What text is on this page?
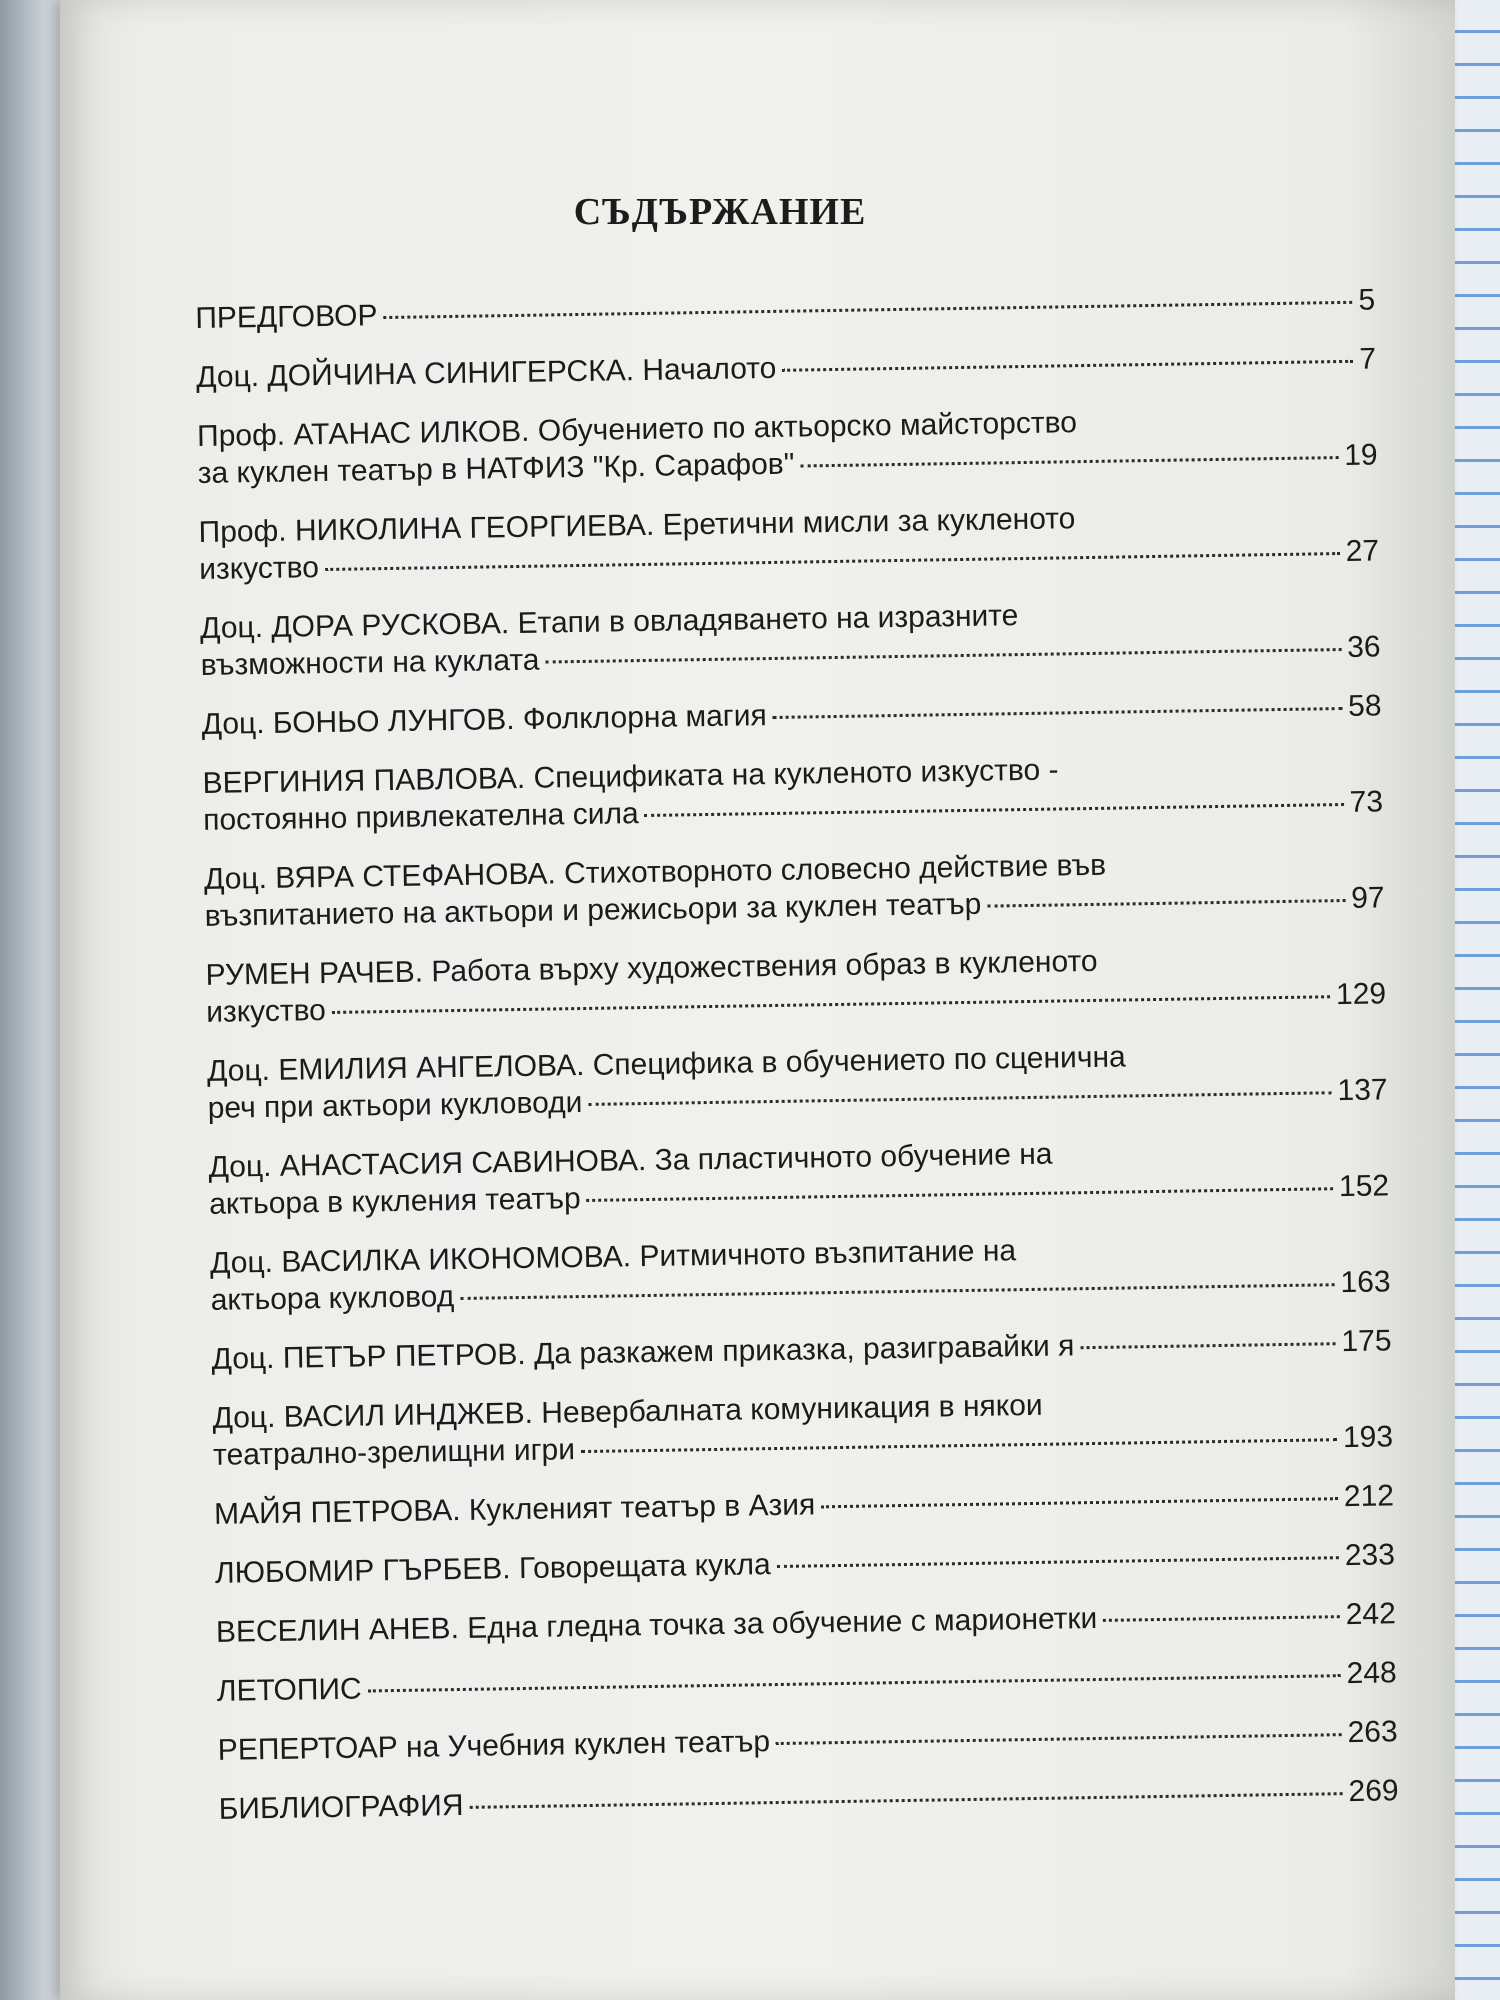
СЪДЪРЖАНИЕ
ПРЕДГОВОР	5
Доц. ДОЙЧИНА СИНИГЕРСКА. Началото	7
Проф. АТАНАС ИЛКОВ. Обучението по актьорско майсторство
за куклен театър в НАТФИЗ "Кр. Сарафов"	19
Проф. НИКОЛИНА ГЕОРГИЕВА. Еретични мисли за кукленото
изкуство	27
Доц. ДОРА РУСКОВА. Етапи в овладяването на изразните
възможности на куклата	36
Доц. БОНЬО ЛУНГОВ. Фолклорна магия	58
ВЕРГИНИЯ ПАВЛОВА. Спецификата на кукленото изкуство -
постоянно привлекателна сила	73
Доц. ВЯРА СТЕФАНОВА. Стихотворното словесно действие във
възпитанието на актьори и режисьори за куклен театър	97
РУМЕН РАЧЕВ. Работа върху художествения образ в кукленото
изкуство	129
Доц. ЕМИЛИЯ АНГЕЛОВА. Специфика в обучението по сценична
реч при актьори кукловоди	137
Доц. АНАСТАСИЯ САВИНОВА. За пластичното обучение на
актьора в кукления театър	152
Доц. ВАСИЛКА ИКОНОМОВА. Ритмичното възпитание на
актьора кукловод	163
Доц. ПЕТЪР ПЕТРОВ. Да разкажем приказка, разигравайки я	175
Доц. ВАСИЛ ИНДЖЕВ. Невербалната комуникация в някои
театрално-зрелищни игри	193
МАЙЯ ПЕТРОВА. Кукленият театър в Азия	212
ЛЮБОМИР ГЪРБЕВ. Говорещата кукла	233
ВЕСЕЛИН АНЕВ. Една гледна точка за обучение с марионетки	242
ЛЕТОПИС	248
РЕПЕРТОАР на Учебния куклен театър	263
БИБЛИОГРАФИЯ	269
